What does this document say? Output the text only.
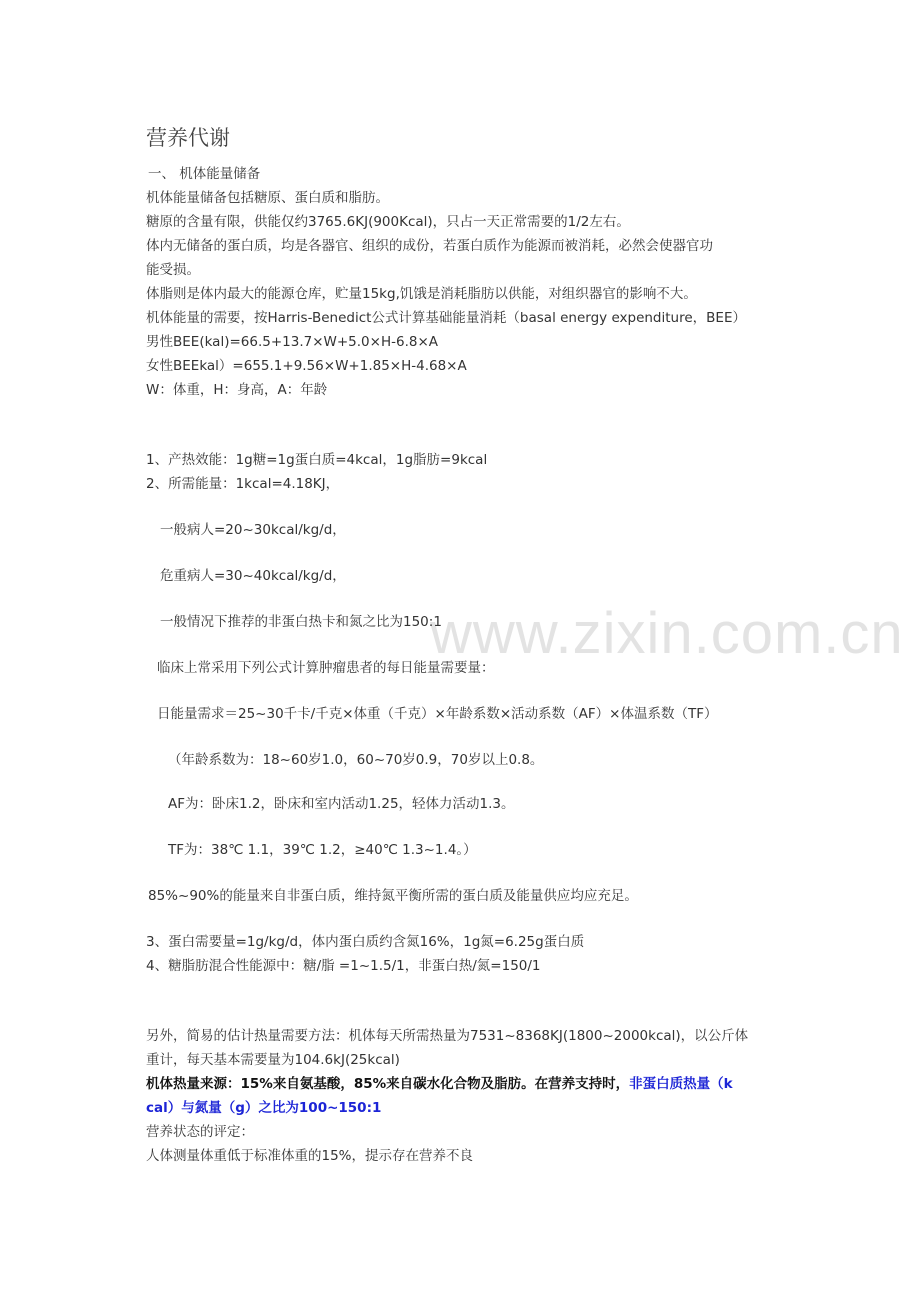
www.zixin.com.cn
营养代谢
一、 机体能量储备
机体能量储备包括糖原、蛋白质和脂肪。
糖原的含量有限，供能仅约3765.6KJ(900Kcal)，只占一天正常需要的1/2左右。
体内无储备的蛋白质，均是各器官、组织的成份，若蛋白质作为能源而被消耗，必然会使器官功
能受损。
体脂则是体内最大的能源仓库，贮量15kg,饥饿是消耗脂肪以供能，对组织器官的影响不大。
机体能量的需要，按Harris-Benedict公式计算基础能量消耗（basal energy expenditure，BEE）
男性BEE(kal)=66.5+13.7×W+5.0×H-6.8×A
女性BEEkal）=655.1+9.56×W+1.85×H-4.68×A
W：体重，H：身高，A：年龄
1、产热效能：1g糖=1g蛋白质=4kcal，1g脂肪=9kcal
2、所需能量：1kcal=4.18KJ，
一般病人=20~30kcal/kg/d，
危重病人=30~40kcal/kg/d，
一般情况下推荐的非蛋白热卡和氮之比为150:1
临床上常采用下列公式计算肿瘤患者的每日能量需要量：
日能量需求＝25~30千卡/千克×体重（千克）×年龄系数×活动系数（AF）×体温系数（TF）
（年龄系数为：18~60岁1.0，60~70岁0.9，70岁以上0.8。
AF为：卧床1.2，卧床和室内活动1.25，轻体力活动1.3。
TF为：38℃ 1.1，39℃ 1.2，≥40℃ 1.3~1.4。）
85%~90%的能量来自非蛋白质，维持氮平衡所需的蛋白质及能量供应均应充足。
3、蛋白需要量=1g/kg/d，体内蛋白质约含氮16%，1g氮=6.25g蛋白质
4、糖脂肪混合性能源中：糖/脂 =1~1.5/1，非蛋白热/氮=150/1
另外，简易的估计热量需要方法：机体每天所需热量为7531~8368KJ(1800~2000kcal)，以公斤体
重计，每天基本需要量为104.6kJ(25kcal)
机体热量来源：15%来自氨基酸，85%来自碳水化合物及脂肪。在营养支持时，非蛋白质热量（k
cal）与氮量（g）之比为100~150:1
营养状态的评定：
人体测量体重低于标准体重的15%，提示存在营养不良
